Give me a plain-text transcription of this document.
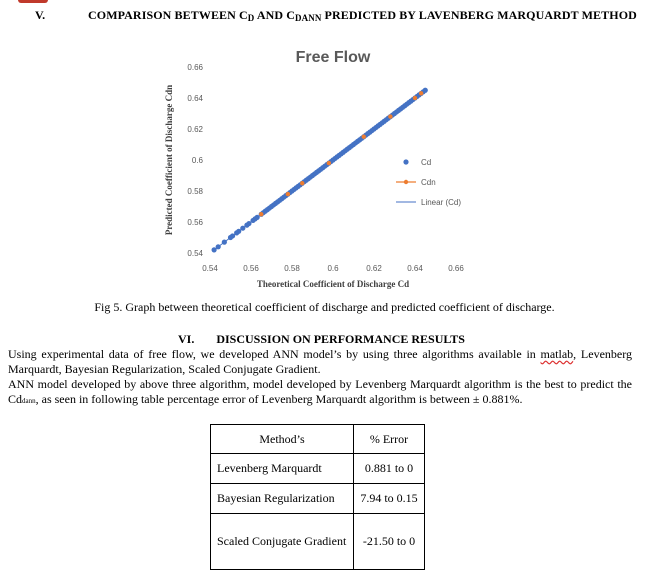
V.	COMPARISON BETWEEN $C_D$ AND $C_{DANN}$ PREDICTED BY LAVENBERG MARQUARDT METHOD
Free Flow
0.54
0.56
0.58
0.6
0.62
0.64
0.66
0.54	0.56	0.58	0.6	0.62	0.64	0.66
Theoretical Coefficient of Discharge Cd
Predicted Coefficient of Discharge Cdn	Cd
Cdn
Linear (Cd)
Fig 5. Graph between theoretical coefficient of discharge and predicted coefficient of discharge.
VI. DISCUSSION ON PERFORMANCE RESULTS
Using experimental data of free flow, we developed ANN model’s by using three algorithms available in matlab, Levenberg Marquardt, Bayesian Regularization, Scaled Conjugate Gradient.
ANN model developed by above three algorithm, model developed by Levenberg Marquardt algorithm is the best to predict the Cddann, as seen in following table percentage error of Levenberg Marquardt algorithm is between ± 0.881%.
Method’s	% Error
Levenberg Marquardt	0.881 to 0
Bayesian Regularization	7.94 to 0.15
Scaled Conjugate Gradient	-21.50 to 0
